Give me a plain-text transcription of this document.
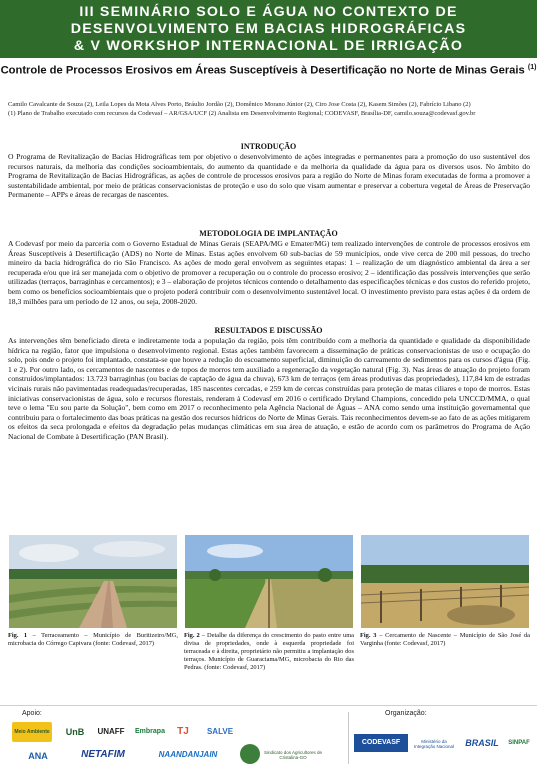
III SEMINÁRIO SOLO E ÁGUA NO CONTEXTO DE
DESENVOLVIMENTO EM BACIAS HIDROGRÁFICAS
& V WORKSHOP INTERNACIONAL DE IRRIGAÇÃO
Controle de Processos Erosivos em Áreas Susceptíveis à Desertificação no Norte de Minas Gerais $^{(1)}$
Camilo Cavalcante de Souza (2), Leila Lopes da Mota Alves Porto, Bráulio Jordão (2), Domênico Morano Júnior (2), Ciro Jose Costa (2), Kasem Simões (2), Fabrício Libano (2)
(1) Plano de Trabalho executado com recursos da Codevasf – AR/GSA/UCF (2) Analista em Desenvolvimento Regional; CODEVASF, Brasília-DF, camilo.souza@codevasf.gov.br
INTRODUÇÃO
O Programa de Revitalização de Bacias Hidrográficas tem por objetivo o desenvolvimento de ações integradas e permanentes para a promoção do uso sustentável dos recursos naturais, da melhoria das condições socioambientais, do aumento da quantidade e da melhoria da qualidade da água para os diversos usos. No âmbito do Programa de Revitalização de Bacias Hidrográficas, as ações de controle de processos erosivos para a região do Norte de Minas foram executadas de forma a promover a sustentabilidade ambiental, por meio de práticas conservacionistas de proteção e uso do solo que visam aumentar e preservar a cobertura vegetal de Áreas de Preservação Permanente – APPs e áreas de recargas de nascentes.
METODOLOGIA DE IMPLANTAÇÃO
A Codevasf por meio da parceria com o Governo Estadual de Minas Gerais (SEAPA/MG e Emater/MG) tem realizado intervenções de controle de processos erosivos em Áreas Susceptíveis à Desertificação (ADS) no Norte de Minas. Estas ações envolvem 60 sub-bacias de 59 municípios, onde vive cerca de 200 mil pessoas, do trecho mineiro da bacia hidrográfica do rio São Francisco. As ações de modo geral envolvem as seguintes etapas: 1 – realização de um diagnóstico ambiental da área a ser recuperada e/ou que irá ser manejada com o objetivo de promover a recuperação ou o controle do processo erosivo; 2 – identificação das possíveis intervenções que serão utilizadas (terraços, barraginhas e cercamentos); e 3 – elaboração de projetos técnicos contendo o detalhamento das especificações técnicas e dos custos do referido projeto, bem como os benefícios socioambientais que o projeto poderá contribuir com o desenvolvimento sustentável local. O investimento previsto para estas ações é da ordem de 18,3 milhões para um período de 12 anos, ou seja, 2008-2020.
RESULTADOS E DISCUSSÃO
As intervenções têm beneficiado direta e indiretamente toda a população da região, pois têm contribuído com a melhoria da quantidade e qualidade da disponibilidade hídrica na região, fator que impulsiona o desenvolvimento regional. Estas ações também favorecem a disseminação de práticas conservacionistas de uso e ocupação do solo, pois onde o projeto foi implantado, constata-se que houve a redução do escoamento superficial, diminuição do carreamento de sedimentos para os cursos d'água (Fig. 1 e 2). Por outro lado, os cercamentos de nascentes e de topos de morros tem auxiliado a regeneração da vegetação natural (Fig. 3). Nas áreas de atuação do projeto foram construídos/implantados: 13.723 barraginhas (ou bacias de captação de água da chuva), 673 km de terraços (em áreas produtivas das propriedades), 117,84 km de estradas vicinais rurais não pavimentadas readequadas/recuperadas, 185 nascentes cercadas, e 259 km de cercas construídas para proteção de matas ciliares e topo de morros. Estas iniciativas conservacionistas de água, solo e recursos florestais, renderam à Codevasf em 2016 o certificado Dryland Champions, concedido pela UNCCD/MMA, o qual teve o lema "Eu sou parte da Solução", bem como em 2017 o reconhecimento pela Agência Nacional de Águas – ANA como sendo uma instituição governamental que contribuiu para o fortalecimento das boas práticas na gestão dos recursos hídricos do Norte de Minas Gerais. Tais reconhecimentos devem-se ao fato de as ações mitigarem os efeitos da seca prolongada e efeitos da degradação pelas mudanças climáticas em sua área de atuação, e estão de acordo com os parâmetros do Programa de Ação Nacional de Combate à Desertificação (PAN Brasil).
Fig. 1 – Terraceamento – Município de Buritizeiro/MG, microbacia do Córrego Capivara (fonte: Codevasf, 2017)
Fig. 2 – Detalhe da diferença do crescimento do pasto entre uma divisa de propriedades, onde à esquerda propriedade foi terraceada e à direita, proprietário não permitiu a implantação dos terraços. Município de Guaraciama/MG, microbacia do Rio das Pedras. (fonte: Codevasf, 2017)
Fig. 3 – Cercamento de Nascente – Município de São José da Varginha (fonte: Codevasf, 2017)
Apoio:	Organização:
Meio Ambiente	UnB	UNAFF	Embrapa	TJ	SALVE
ANA	NETAFIM	NAANDANJAIN	Sindicato dos Agricultores de Cristalina-GO
CODEVASF	Ministério da Integração Nacional	BRASIL	SINPAF
